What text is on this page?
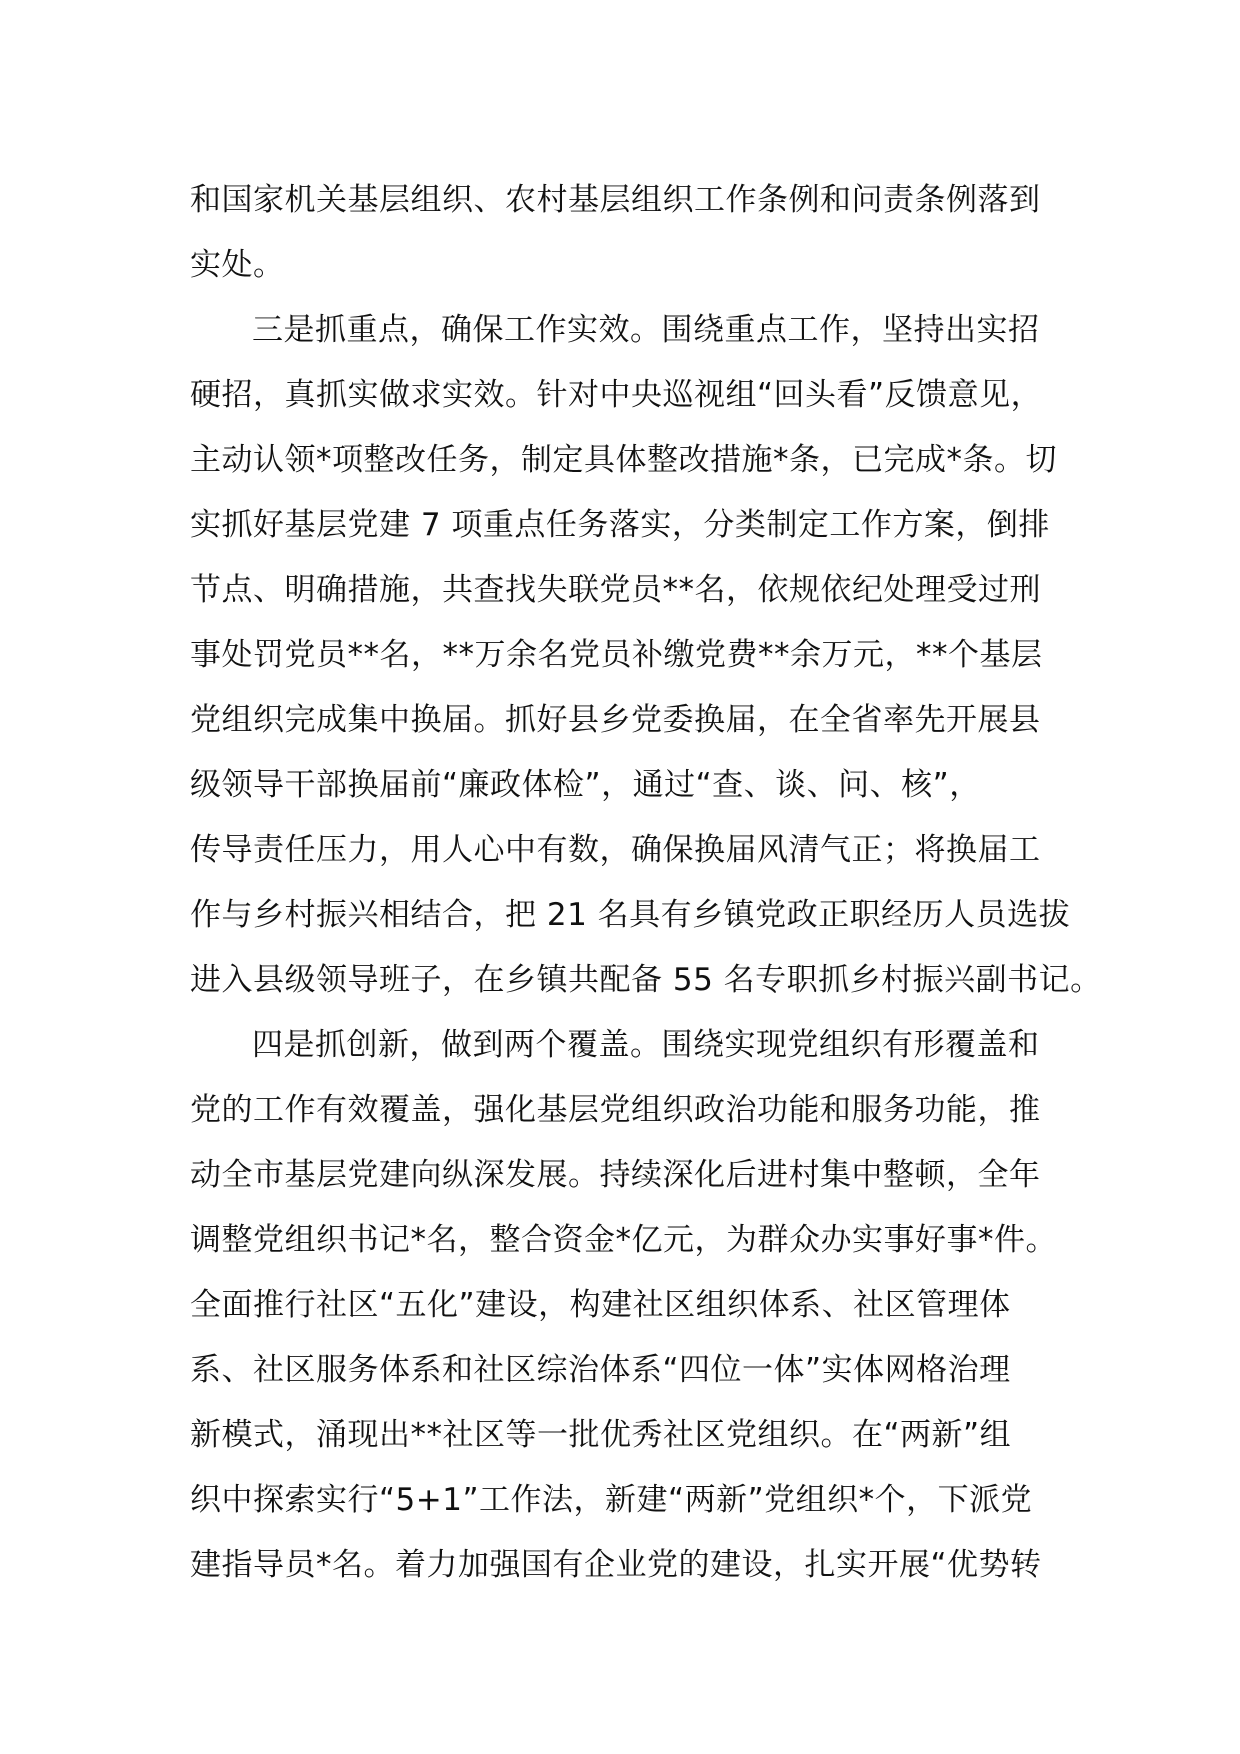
和国家机关基层组织、农村基层组织工作条例和问责条例落到
实处。
三是抓重点，确保工作实效。围绕重点工作，坚持出实招
硬招，真抓实做求实效。针对中央巡视组“回头看”反馈意见，
主动认领*项整改任务，制定具体整改措施*条，已完成*条。切
实抓好基层党建 7 项重点任务落实，分类制定工作方案，倒排
节点、明确措施，共查找失联党员**名，依规依纪处理受过刑
事处罚党员**名，**万余名党员补缴党费**余万元，**个基层
党组织完成集中换届。抓好县乡党委换届，在全省率先开展县
级领导干部换届前“廉政体检”，通过“查、谈、问、核”，
传导责任压力，用人心中有数，确保换届风清气正；将换届工
作与乡村振兴相结合，把 21 名具有乡镇党政正职经历人员选拔
进入县级领导班子，在乡镇共配备 55 名专职抓乡村振兴副书记。
四是抓创新，做到两个覆盖。围绕实现党组织有形覆盖和
党的工作有效覆盖，强化基层党组织政治功能和服务功能，推
动全市基层党建向纵深发展。持续深化后进村集中整顿，全年
调整党组织书记*名，整合资金*亿元，为群众办实事好事*件。
全面推行社区“五化”建设，构建社区组织体系、社区管理体
系、社区服务体系和社区综治体系“四位一体”实体网格治理
新模式，涌现出**社区等一批优秀社区党组织。在“两新”组
织中探索实行“5+1”工作法，新建“两新”党组织*个，下派党
建指导员*名。着力加强国有企业党的建设，扎实开展“优势转
